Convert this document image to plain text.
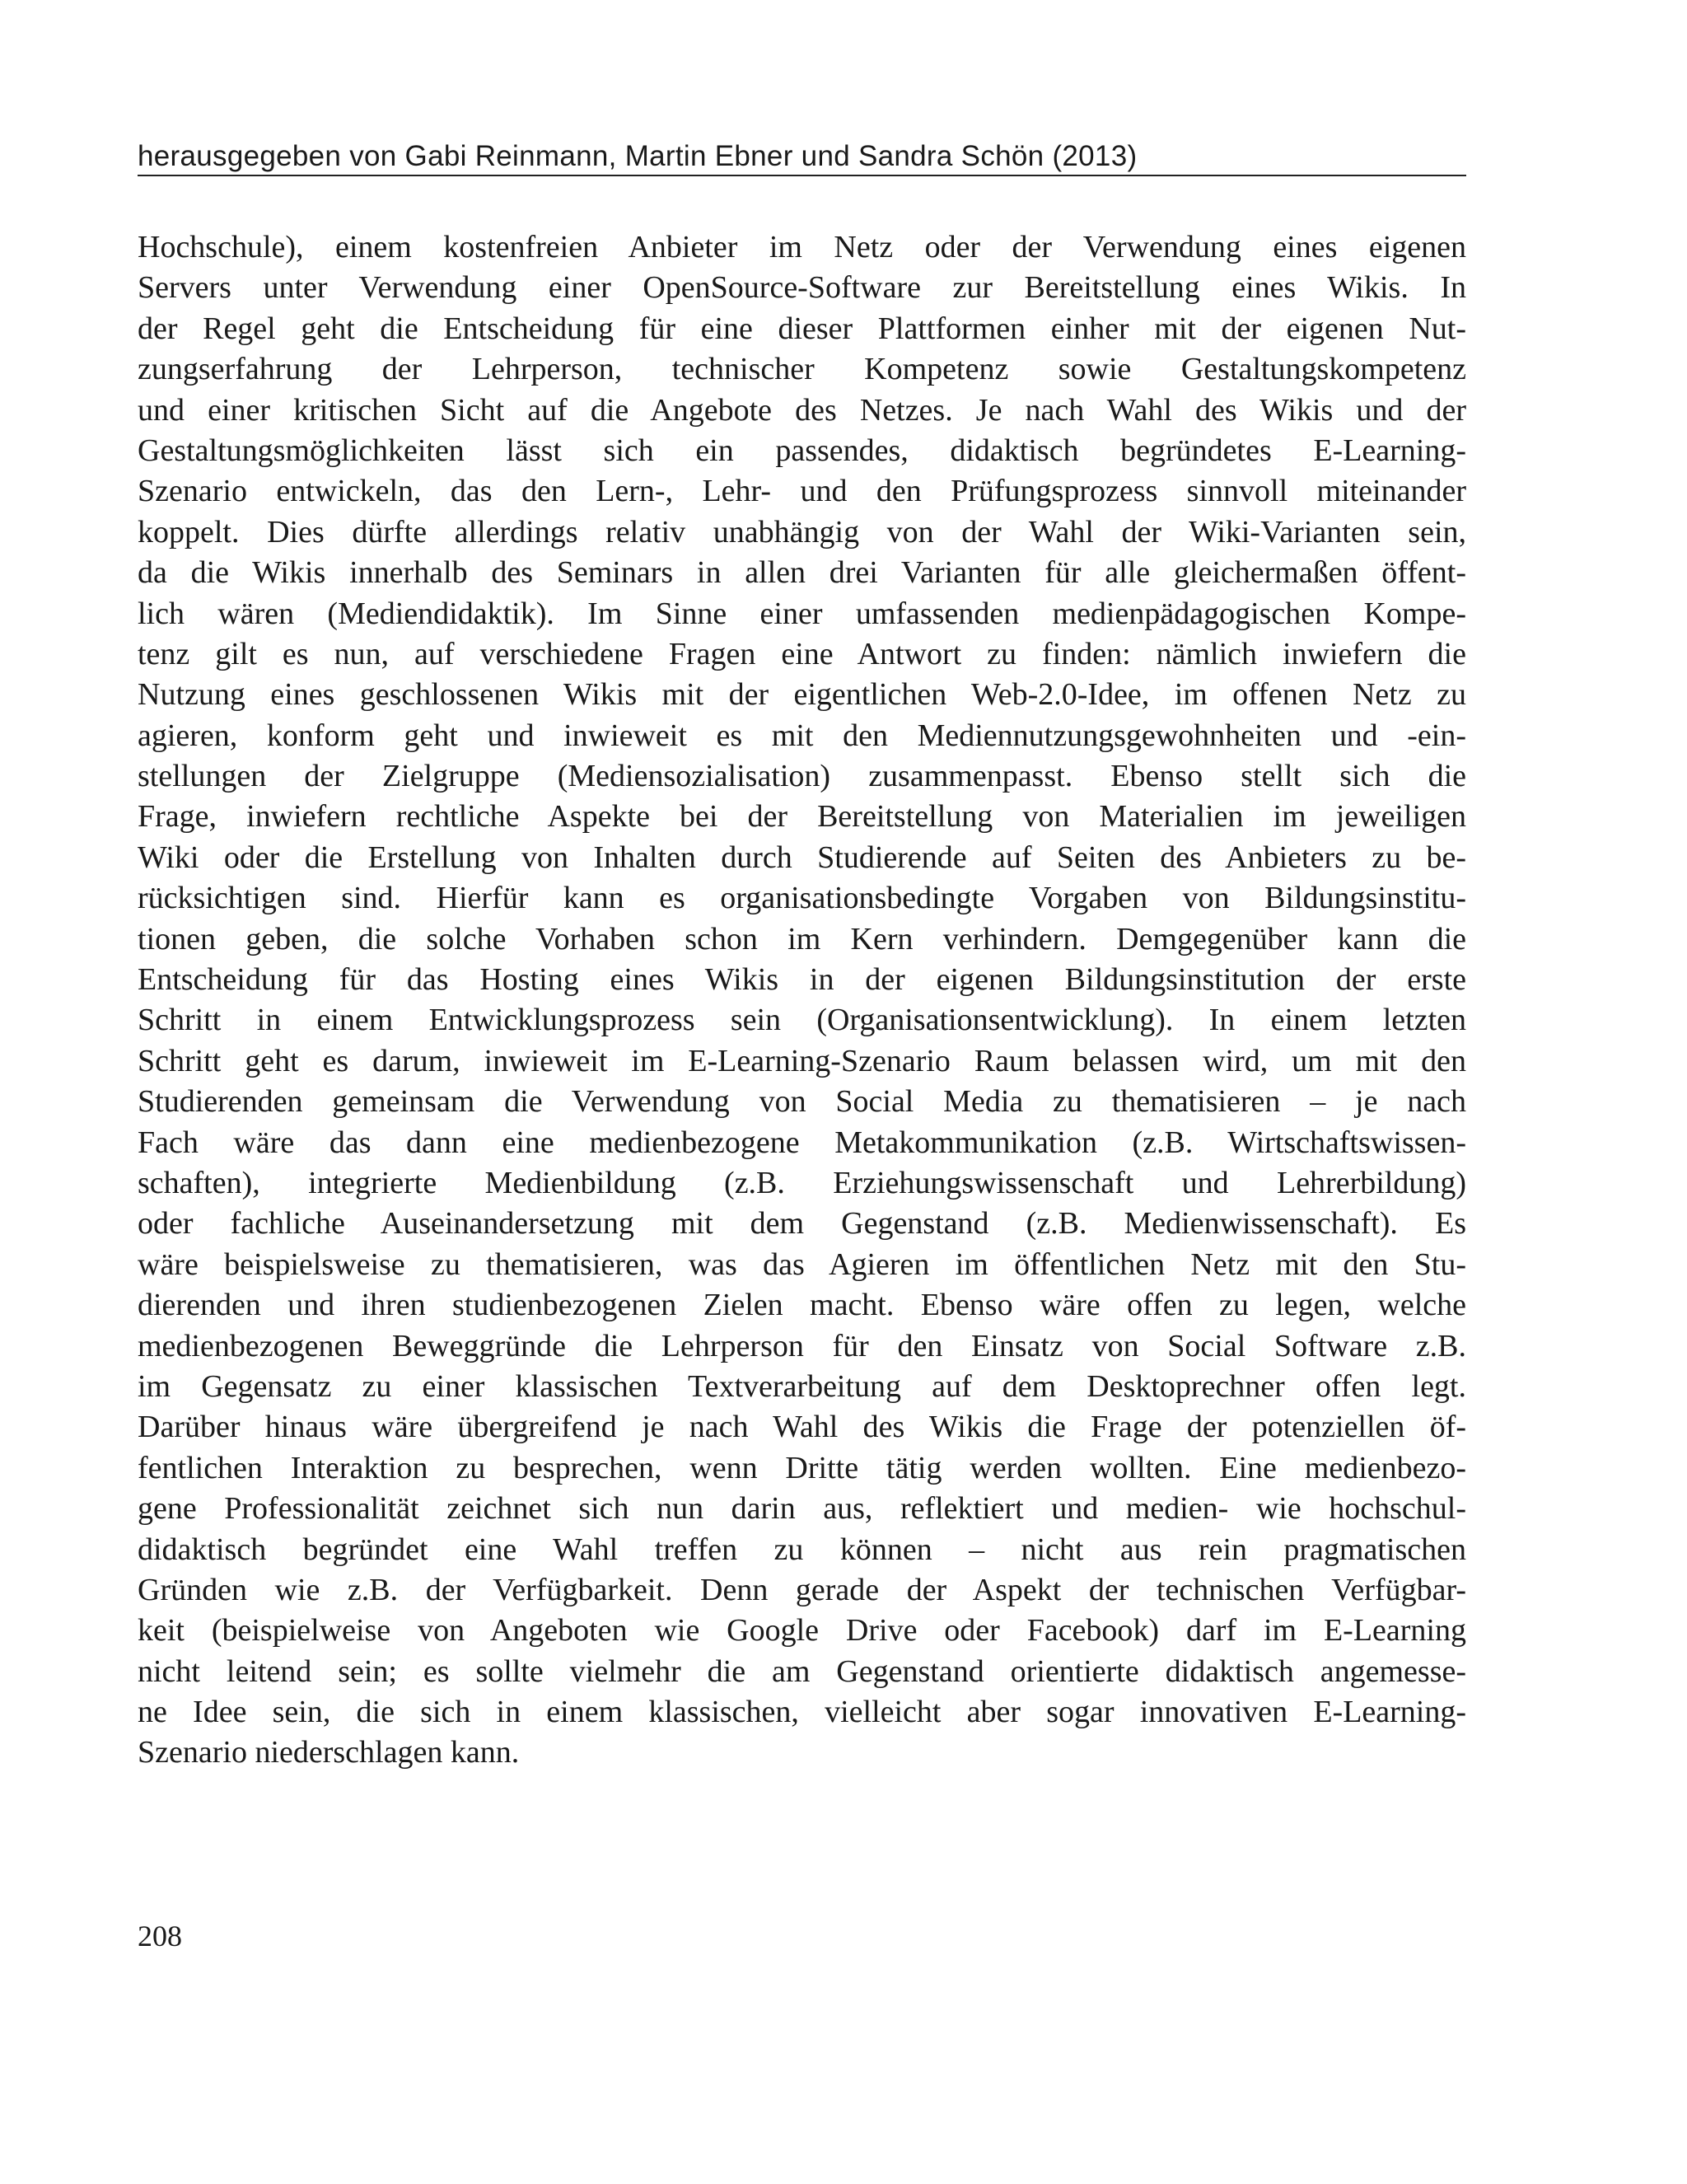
herausgegeben von Gabi Reinmann, Martin Ebner und Sandra Schön (2013)
Hochschule), einem kostenfreien Anbieter im Netz oder der Verwendung eines eigenen
Servers unter Verwendung einer OpenSource-Software zur Bereitstellung eines Wikis. In
der Regel geht die Entscheidung für eine dieser Plattformen einher mit der eigenen Nut-
zungserfahrung der Lehrperson, technischer Kompetenz sowie Gestaltungskompetenz
und einer kritischen Sicht auf die Angebote des Netzes. Je nach Wahl des Wikis und der
Gestaltungsmöglichkeiten lässt sich ein passendes, didaktisch begründetes E-Learning-
Szenario entwickeln, das den Lern-, Lehr- und den Prüfungsprozess sinnvoll miteinander
koppelt. Dies dürfte allerdings relativ unabhängig von der Wahl der Wiki-Varianten sein,
da die Wikis innerhalb des Seminars in allen drei Varianten für alle gleichermaßen öffent-
lich wären (Mediendidaktik). Im Sinne einer umfassenden medienpädagogischen Kompe-
tenz gilt es nun, auf verschiedene Fragen eine Antwort zu finden: nämlich inwiefern die
Nutzung eines geschlossenen Wikis mit der eigentlichen Web-2.0-Idee, im offenen Netz zu
agieren, konform geht und inwieweit es mit den Mediennutzungsgewohnheiten und -ein-
stellungen der Zielgruppe (Mediensozialisation) zusammenpasst. Ebenso stellt sich die
Frage, inwiefern rechtliche Aspekte bei der Bereitstellung von Materialien im jeweiligen
Wiki oder die Erstellung von Inhalten durch Studierende auf Seiten des Anbieters zu be-
rücksichtigen sind. Hierfür kann es organisationsbedingte Vorgaben von Bildungsinstitu-
tionen geben, die solche Vorhaben schon im Kern verhindern. Demgegenüber kann die
Entscheidung für das Hosting eines Wikis in der eigenen Bildungsinstitution der erste
Schritt in einem Entwicklungsprozess sein (Organisationsentwicklung). In einem letzten
Schritt geht es darum, inwieweit im E-Learning-Szenario Raum belassen wird, um mit den
Studierenden gemeinsam die Verwendung von Social Media zu thematisieren – je nach
Fach wäre das dann eine medienbezogene Metakommunikation (z.B. Wirtschaftswissen-
schaften), integrierte Medienbildung (z.B. Erziehungswissenschaft und Lehrerbildung)
oder fachliche Auseinandersetzung mit dem Gegenstand (z.B. Medienwissenschaft). Es
wäre beispielsweise zu thematisieren, was das Agieren im öffentlichen Netz mit den Stu-
dierenden und ihren studienbezogenen Zielen macht. Ebenso wäre offen zu legen, welche
medienbezogenen Beweggründe die Lehrperson für den Einsatz von Social Software z.B.
im Gegensatz zu einer klassischen Textverarbeitung auf dem Desktoprechner offen legt.
Darüber hinaus wäre übergreifend je nach Wahl des Wikis die Frage der potenziellen öf-
fentlichen Interaktion zu besprechen, wenn Dritte tätig werden wollten. Eine medienbezo-
gene Professionalität zeichnet sich nun darin aus, reflektiert und medien- wie hochschul-
didaktisch begründet eine Wahl treffen zu können – nicht aus rein pragmatischen
Gründen wie z.B. der Verfügbarkeit. Denn gerade der Aspekt der technischen Verfügbar-
keit (beispielweise von Angeboten wie Google Drive oder Facebook) darf im E-Learning
nicht leitend sein; es sollte vielmehr die am Gegenstand orientierte didaktisch angemesse-
ne Idee sein, die sich in einem klassischen, vielleicht aber sogar innovativen E-Learning-
Szenario niederschlagen kann.
208
